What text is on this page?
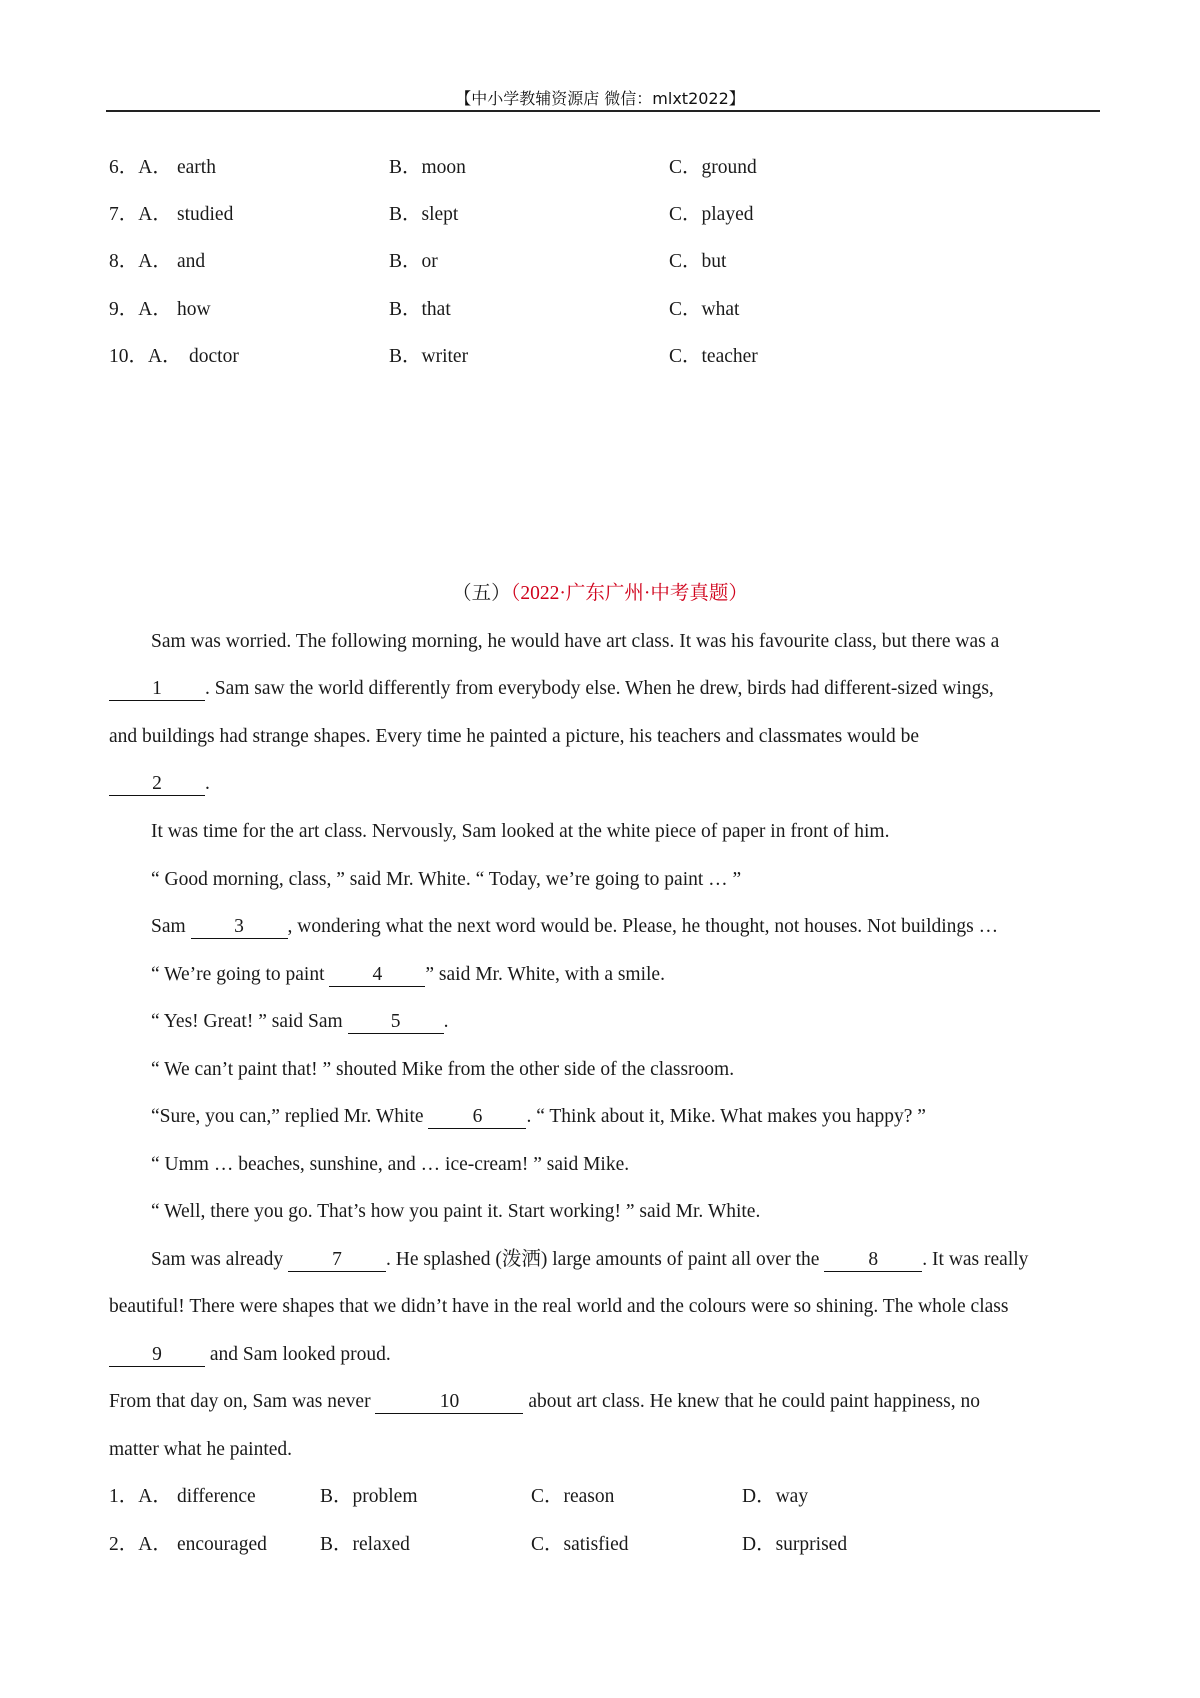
【中小学教辅资源店 微信：mlxt2022】
6．A． earth	B．moon	C．ground
7．A． studied	B．slept	C．played
8．A． and	B．or	C．but
9．A． how	B．that	C．what
10．A． doctor	B．writer	C．teacher
（五）（2022·广东广州·中考真题）
Sam was worried. The following morning, he would have art class. It was his favourite class, but there was a
1 . Sam saw the world differently from everybody else. When he drew, birds had different-sized wings,
and buildings had strange shapes. Every time he painted a picture, his teachers and classmates would be
2 .
It was time for the art class. Nervously, Sam looked at the white piece of paper in front of him.
“ Good morning, class, ” said Mr. White. “ Today, we’re going to paint … ”
Sam 3 , wondering what the next word would be. Please, he thought, not houses. Not buildings …
“ We’re going to paint 4 ” said Mr. White, with a smile.
“ Yes! Great! ” said Sam 5 .
“ We can’t paint that! ” shouted Mike from the other side of the classroom.
“Sure, you can,” replied Mr. White 6 . “ Think about it, Mike. What makes you happy? ”
“ Umm … beaches, sunshine, and … ice-cream! ” said Mike.
“ Well, there you go. That’s how you paint it. Start working! ” said Mr. White.
Sam was already 7 . He splashed (泼洒) large amounts of paint all over the 8 . It was really
beautiful! There were shapes that we didn’t have in the real world and the colours were so shining. The whole class
9 and Sam looked proud.
From that day on, Sam was never	10	about art class. He knew that he could paint happiness, no
matter what he painted.
1．A． difference	B．problem	C．reason	D．way
2．A． encouraged	B．relaxed	C．satisfied	D．surprised
